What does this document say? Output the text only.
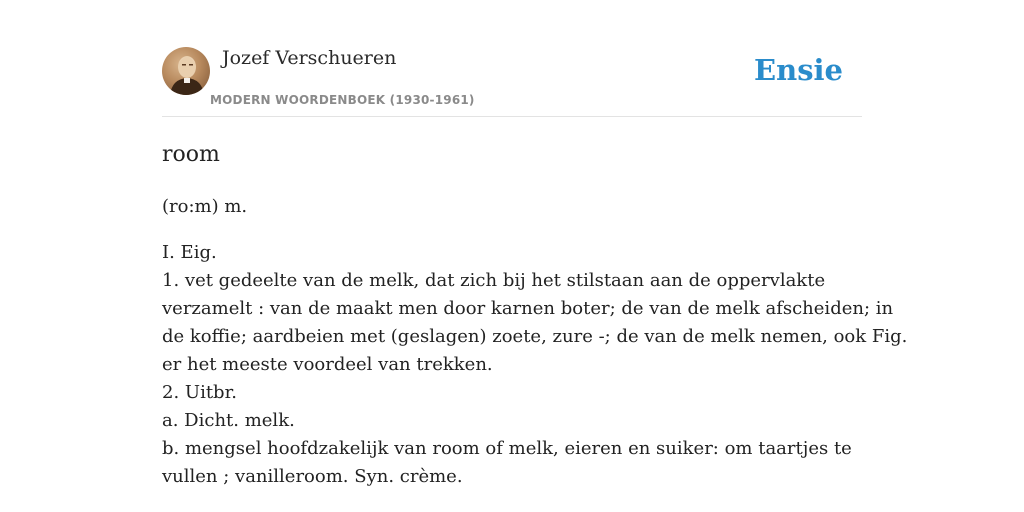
Jozef Verschueren
MODERN WOORDENBOEK (1930-1961)
Ensie
room
(ro:m) m.
I. Eig.
1. vet gedeelte van de melk, dat zich bij het stilstaan aan de oppervlakte
verzamelt : van de maakt men door karnen boter; de van de melk afscheiden; in
de koffie; aardbeien met (geslagen) zoete, zure -; de van de melk nemen, ook Fig.
er het meeste voordeel van trekken.
2. Uitbr.
a. Dicht. melk.
b. mengsel hoofdzakelijk van room of melk, eieren en suiker: om taartjes te
vullen ; vanilleroom. Syn. crème.
